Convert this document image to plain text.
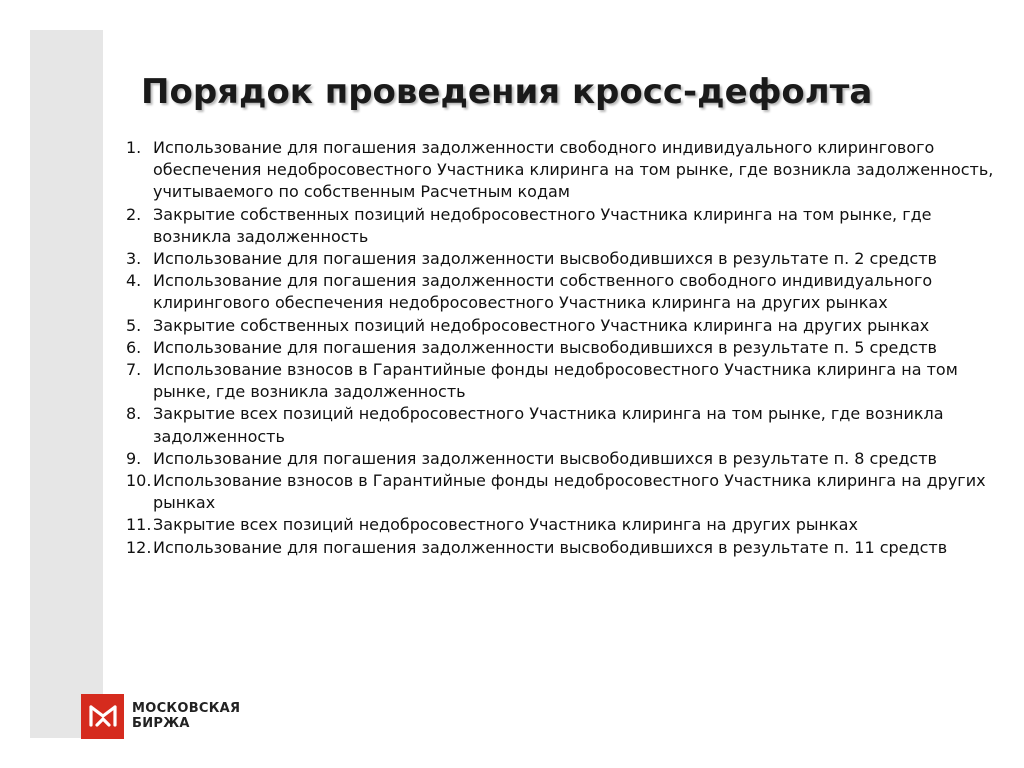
Порядок проведения кросс-дефолта
1. Использование для погашения задолженности свободного индивидуального клирингового обеспечения недобросовестного Участника клиринга на том рынке, где возникла задолженность, учитываемого по собственным Расчетным кодам
2. Закрытие собственных позиций недобросовестного Участника клиринга на том рынке, где возникла задолженность
3. Использование для погашения задолженности высвободившихся в результате п. 2 средств
4. Использование для погашения задолженности собственного свободного индивидуального клирингового обеспечения недобросовестного Участника клиринга на других рынках
5. Закрытие собственных позиций недобросовестного Участника клиринга на других рынках
6. Использование для погашения задолженности высвободившихся в результате п. 5 средств
7. Использование взносов в Гарантийные фонды недобросовестного Участника клиринга на том рынке, где возникла задолженность
8. Закрытие всех позиций недобросовестного Участника клиринга на том рынке, где возникла задолженность
9. Использование для погашения задолженности высвободившихся в результате п. 8 средств
10. Использование взносов в Гарантийные фонды недобросовестного Участника клиринга на других рынках
11. Закрытие всех позиций недобросовестного Участника клиринга на других рынках
12. Использование для погашения задолженности высвободившихся в результате п. 11 средств
МОСКОВСКАЯ
БИРЖА
